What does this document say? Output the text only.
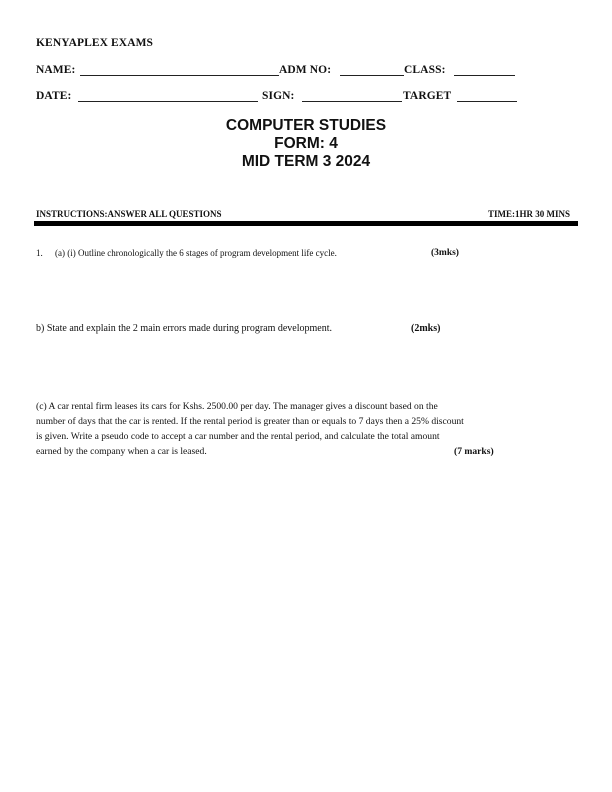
KENYAPLEX EXAMS
NAME:	ADM NO:	CLASS:
DATE:	SIGN:	TARGET
COMPUTER STUDIES
FORM: 4
MID TERM 3 2024
INSTRUCTIONS:ANSWER ALL QUESTIONS	TIME:1HR 30 MINS
1. (a) (i) Outline chronologically the 6 stages of program development life cycle.	(3mks)
b) State and explain the 2 main errors made during program development.	(2mks)
(c) A car rental firm leases its cars for Kshs. 2500.00 per day. The manager gives a discount based on the
number of days that the car is rented. If the rental period is greater than or equals to 7 days then a 25% discount
is given. Write a pseudo code to accept a car number and the rental period, and calculate the total amount
earned by the company when a car is leased.	(7 marks)
